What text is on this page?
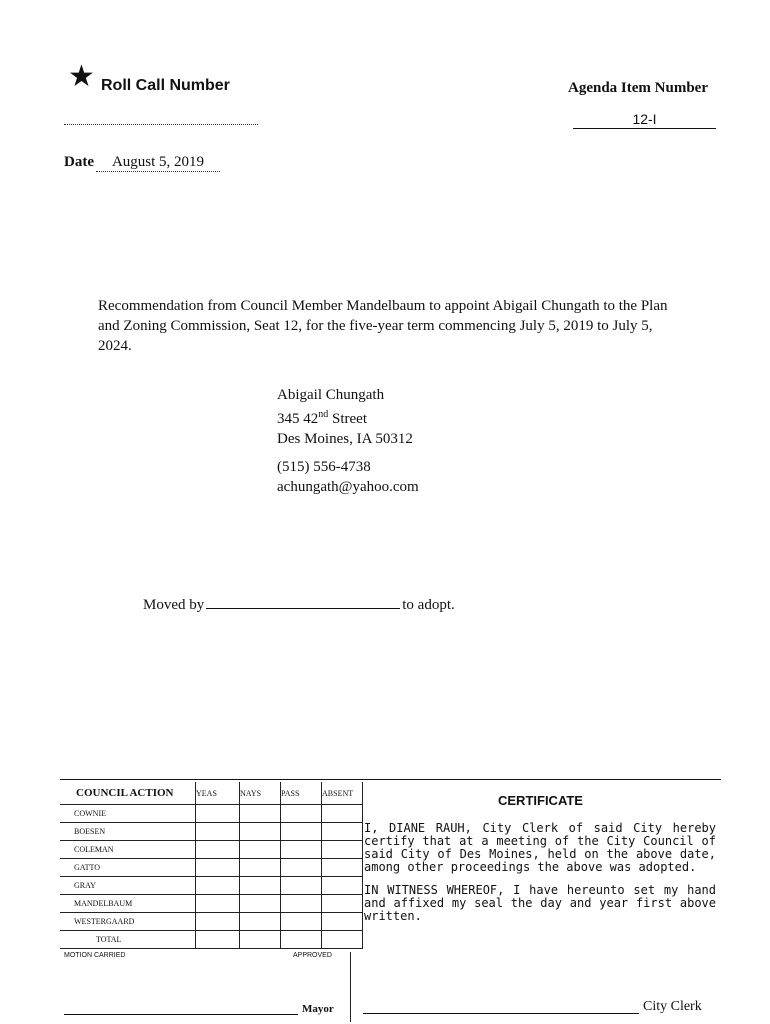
★ Roll Call Number	Agenda Item Number
12-I
Date	August 5, 2019
Recommendation from Council Member Mandelbaum to appoint Abigail Chungath to the Plan and Zoning Commission, Seat 12, for the five-year term commencing July 5, 2019 to July 5, 2024.
Abigail Chungath
345 42nd Street
Des Moines, IA 50312
(515) 556-4738
achungath@yahoo.com
Moved by	to adopt.
COUNCIL ACTION	YEAS	NAYS	PASS	ABSENT
COWNIE				
BOESEN				
COLEMAN				
GATTO				
GRAY				
MANDELBAUM				
WESTERGAARD				
TOTAL				
MOTION CARRIED	APPROVED
Mayor
CERTIFICATE

I, DIANE RAUH, City Clerk of said City hereby certify that at a meeting of the City Council of said City of Des Moines, held on the above date, among other proceedings the above was adopted.

IN WITNESS WHEREOF, I have hereunto set my hand and affixed my seal the day and year first above written.

City Clerk
